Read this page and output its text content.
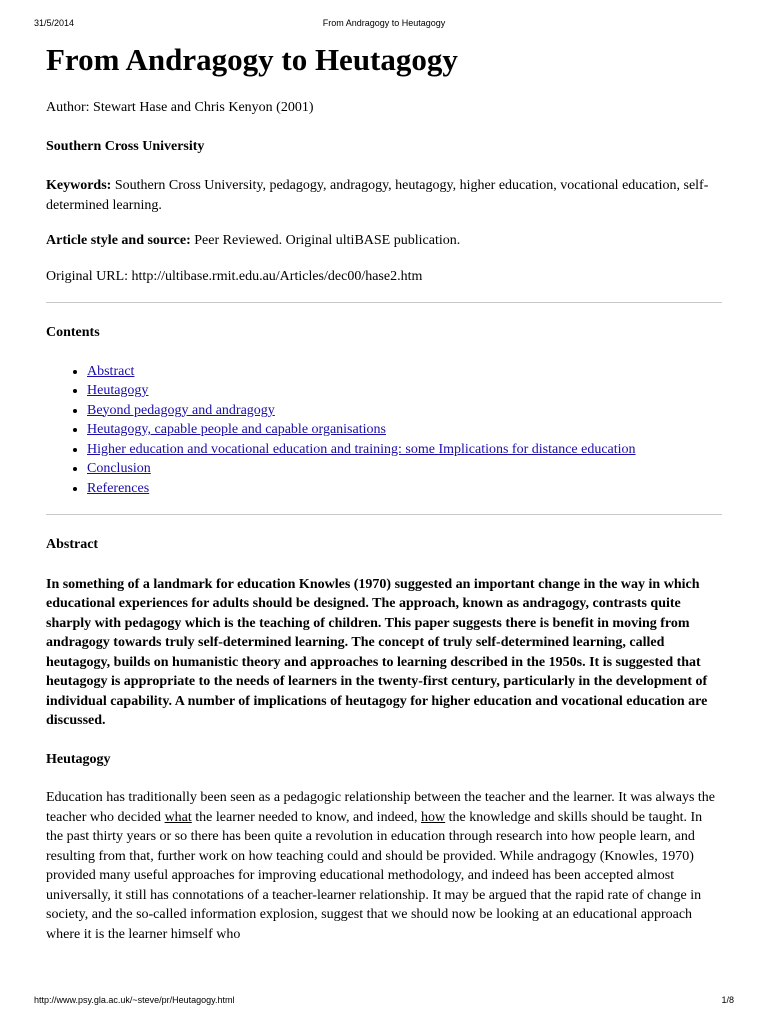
31/5/2014	From Andragogy to Heutagogy
From Andragogy to Heutagogy

Author: Stewart Hase and Chris Kenyon (2001)

Southern Cross University

Keywords: Southern Cross University, pedagogy, andragogy, heutagogy, higher education, vocational education, self-determined learning.

Article style and source: Peer Reviewed. Original ultiBASE publication.

Original URL: http://ultibase.rmit.edu.au/Articles/dec00/hase2.htm

Contents

• Abstract
• Heutagogy
• Beyond pedagogy and andragogy
• Heutagogy, capable people and capable organisations
• Higher education and vocational education and training: some Implications for distance education
• Conclusion
• References

Abstract

In something of a landmark for education Knowles (1970) suggested an important change in the way in which educational experiences for adults should be designed. The approach, known as andragogy, contrasts quite sharply with pedagogy which is the teaching of children. This paper suggests there is benefit in moving from andragogy towards truly self-determined learning. The concept of truly self-determined learning, called heutagogy, builds on humanistic theory and approaches to learning described in the 1950s. It is suggested that heutagogy is appropriate to the needs of learners in the twenty-first century, particularly in the development of individual capability. A number of implications of heutagogy for higher education and vocational education are discussed.

Heutagogy

Education has traditionally been seen as a pedagogic relationship between the teacher and the learner. It was always the teacher who decided what the learner needed to know, and indeed, how the knowledge and skills should be taught. In the past thirty years or so there has been quite a revolution in education through research into how people learn, and resulting from that, further work on how teaching could and should be provided. While andragogy (Knowles, 1970) provided many useful approaches for improving educational methodology, and indeed has been accepted almost universally, it still has connotations of a teacher-learner relationship. It may be argued that the rapid rate of change in society, and the so-called information explosion, suggest that we should now be looking at an educational approach where it is the learner himself who

http://www.psy.gla.ac.uk/~steve/pr/Heutagogy.html	1/8
